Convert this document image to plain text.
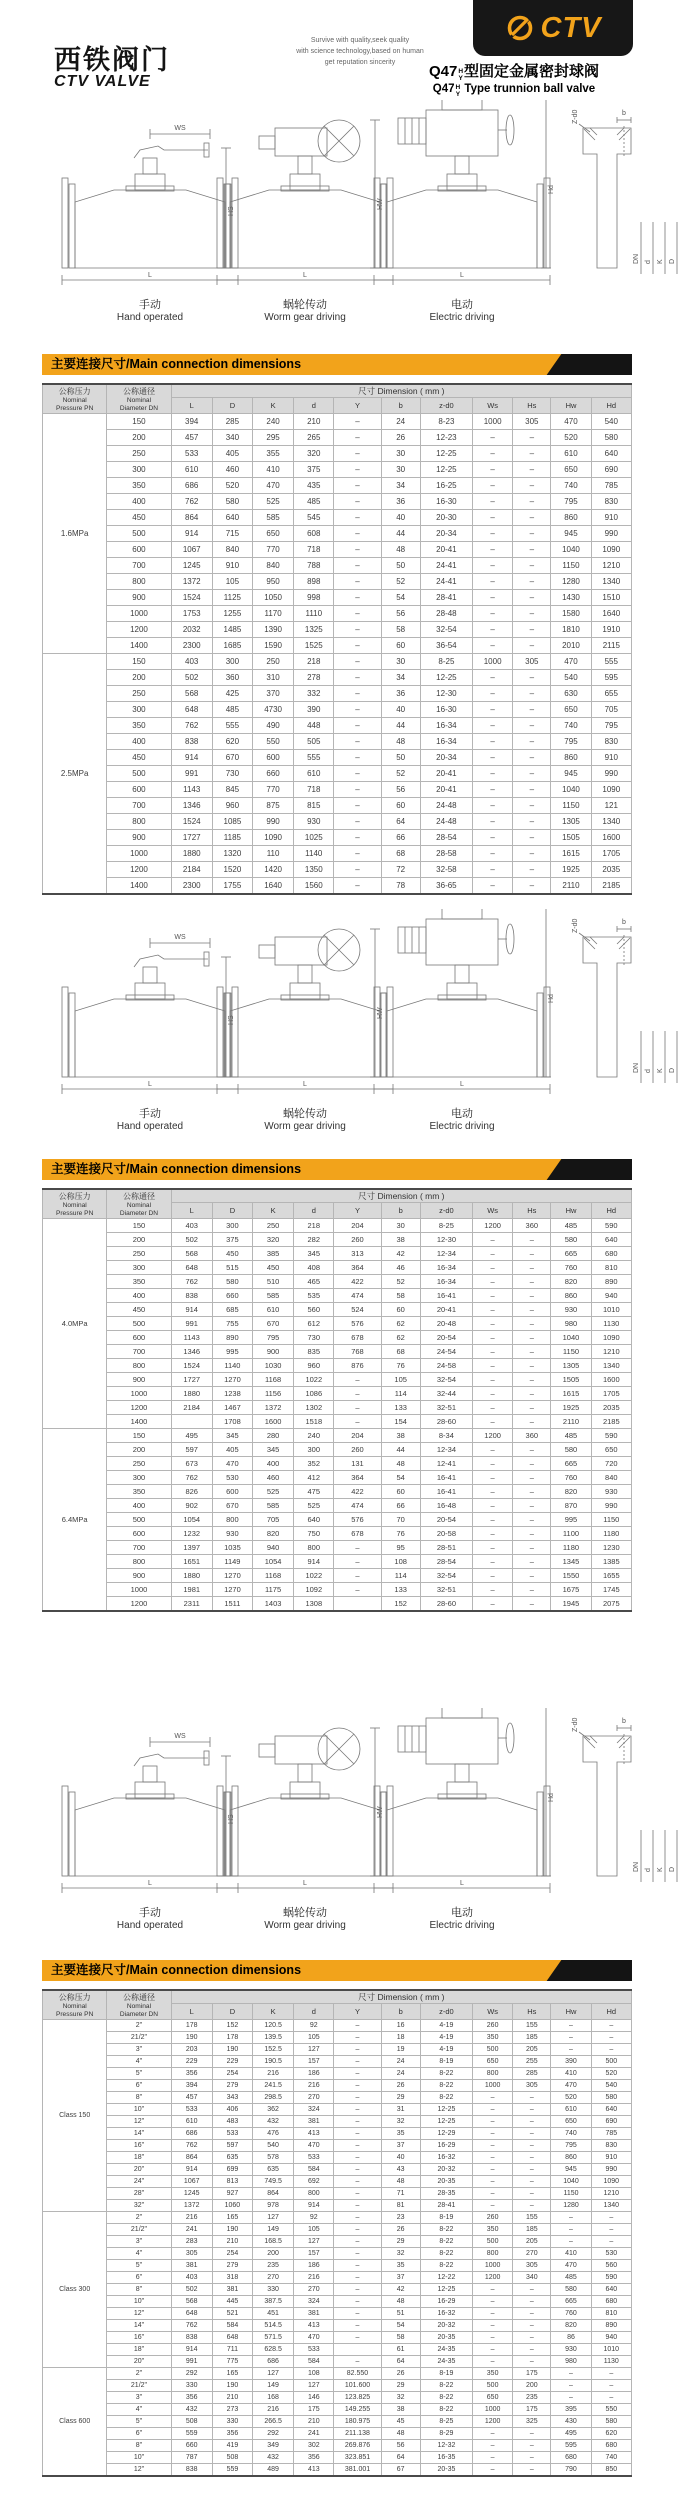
西铁阀门
CTV VALVE
Survive with quality,seek quality
with science technology,based on human
get reputation sincerity
CTV
Q47 H
Y 型固定金属密封球阀
Q47 H
Y Type trunnion ball valve
手动
Hand operated
蜗轮传动
Worm gear driving
电动
Electric driving
主要连接尺寸/Main connection dimensions
公称压力
Nominal
Pressure PN	公称通径
Nominal
Diameter DN	尺寸 Dimension ( mm )										
		L	D	K	d	Y	b	z-d0	Ws	Hs	Hw	Hd
1.6MPa	150	394	285	240	210	–	24	8-23	1000	305	470	540
	200	457	340	295	265	–	26	12-23	–	–	520	580
	250	533	405	355	320	–	30	12-25	–	–	610	640
	300	610	460	410	375	–	30	12-25	–	–	650	690
	350	686	520	470	435	–	34	16-25	–	–	740	785
	400	762	580	525	485	–	36	16-30	–	–	795	830
	450	864	640	585	545	–	40	20-30	–	–	860	910
	500	914	715	650	608	–	44	20-34	–	–	945	990
	600	1067	840	770	718	–	48	20-41	–	–	1040	1090
	700	1245	910	840	788	–	50	24-41	–	–	1150	1210
	800	1372	105	950	898	–	52	24-41	–	–	1280	1340
	900	1524	1125	1050	998	–	54	28-41	–	–	1430	1510
	1000	1753	1255	1170	1110	–	56	28-48	–	–	1580	1640
	1200	2032	1485	1390	1325	–	58	32-54	–	–	1810	1910
	1400	2300	1685	1590	1525	–	60	36-54	–	–	2010	2115
2.5MPa	150	403	300	250	218	–	30	8-25	1000	305	470	555
	200	502	360	310	278	–	34	12-25	–	–	540	595
	250	568	425	370	332	–	36	12-30	–	–	630	655
	300	648	485	4730	390	–	40	16-30	–	–	650	705
	350	762	555	490	448	–	44	16-34	–	–	740	795
	400	838	620	550	505	–	48	16-34	–	–	795	830
	450	914	670	600	555	–	50	20-34	–	–	860	910
	500	991	730	660	610	–	52	20-41	–	–	945	990
	600	1143	845	770	718	–	56	20-41	–	–	1040	1090
	700	1346	960	875	815	–	60	24-48	–	–	1150	121
	800	1524	1085	990	930	–	64	24-48	–	–	1305	1340
	900	1727	1185	1090	1025	–	66	28-54	–	–	1505	1600
	1000	1880	1320	110	1140	–	68	28-58	–	–	1615	1705
	1200	2184	1520	1420	1350	–	72	32-58	–	–	1925	2035
	1400	2300	1755	1640	1560	–	78	36-65	–	–	2110	2185
手动
Hand operated
蜗轮传动
Worm gear driving
电动
Electric driving
主要连接尺寸/Main connection dimensions
公称压力
Nominal
Pressure PN	公称通径
Nominal
Diameter DN	尺寸 Dimension ( mm )										
		L	D	K	d	Y	b	z-d0	Ws	Hs	Hw	Hd
4.0MPa	150	403	300	250	218	204	30	8-25	1200	360	485	590
	200	502	375	320	282	260	38	12-30	–	–	580	640
	250	568	450	385	345	313	42	12-34	–	–	665	680
	300	648	515	450	408	364	46	16-34	–	–	760	810
	350	762	580	510	465	422	52	16-34	–	–	820	890
	400	838	660	585	535	474	58	16-41	–	–	860	940
	450	914	685	610	560	524	60	20-41	–	–	930	1010
	500	991	755	670	612	576	62	20-48	–	–	980	1130
	600	1143	890	795	730	678	62	20-54	–	–	1040	1090
	700	1346	995	900	835	768	68	24-54	–	–	1150	1210
	800	1524	1140	1030	960	876	76	24-58	–	–	1305	1340
	900	1727	1270	1168	1022	–	105	32-54	–	–	1505	1600
	1000	1880	1238	1156	1086	–	114	32-44	–	–	1615	1705
	1200	2184	1467	1372	1302	–	133	32-51	–	–	1925	2035
	1400		1708	1600	1518	–	154	28-60	–	–	2110	2185
6.4MPa	150	495	345	280	240	204	38	8-34	1200	360	485	590
	200	597	405	345	300	260	44	12-34	–	–	580	650
	250	673	470	400	352	131	48	12-41	–	–	665	720
	300	762	530	460	412	364	54	16-41	–	–	760	840
	350	826	600	525	475	422	60	16-41	–	–	820	930
	400	902	670	585	525	474	66	16-48	–	–	870	990
	500	1054	800	705	640	576	70	20-54	–	–	995	1150
	600	1232	930	820	750	678	76	20-58	–	–	1100	1180
	700	1397	1035	940	800	–	95	28-51	–	–	1180	1230
	800	1651	1149	1054	914	–	108	28-54	–	–	1345	1385
	900	1880	1270	1168	1022	–	114	32-54	–	–	1550	1655
	1000	1981	1270	1175	1092	–	133	32-51	–	–	1675	1745
	1200	2311	1511	1403	1308		152	28-60	–	–	1945	2075
手动
Hand operated
蜗轮传动
Worm gear driving
电动
Electric driving
主要连接尺寸/Main connection dimensions
公称压力
Nominal
Pressure PN	公称通径
Nominal
Diameter DN	尺寸 Dimension ( mm )										
		L	D	K	d	Y	b	z-d0	Ws	Hs	Hw	Hd
Class 150	2"	178	152	120.5	92	–	16	4-19	260	155	–	–
	21/2"	190	178	139.5	105	–	18	4-19	350	185	–	–
	3"	203	190	152.5	127	–	19	4-19	500	205	–	–
	4"	229	229	190.5	157	–	24	8-19	650	255	390	500
	5"	356	254	216	186	–	24	8-22	800	285	410	520
	6"	394	279	241.5	216	–	26	8-22	1000	305	470	540
	8"	457	343	298.5	270	–	29	8-22	–	–	520	580
	10"	533	406	362	324	–	31	12-25	–	–	610	640
	12"	610	483	432	381	–	32	12-25	–	–	650	690
	14"	686	533	476	413	–	35	12-29	–	–	740	785
	16"	762	597	540	470	–	37	16-29	–	–	795	830
	18"	864	635	578	533	–	40	16-32	–	–	860	910
	20"	914	699	635	584	–	43	20-32	–	–	945	990
	24"	1067	813	749.5	692	–	48	20-35	–	–	1040	1090
	28"	1245	927	864	800	–	71	28-35	–	–	1150	1210
	32"	1372	1060	978	914	–	81	28-41	–	–	1280	1340
Class 300	2"	216	165	127	92	–	23	8-19	260	155	–	–
	21/2"	241	190	149	105	–	26	8-22	350	185	–	–
	3"	283	210	168.5	127	–	29	8-22	500	205	–	–
	4"	305	254	200	157	–	32	8-22	800	270	410	530
	5"	381	279	235	186	–	35	8-22	1000	305	470	560
	6"	403	318	270	216	–	37	12-22	1200	340	485	590
	8"	502	381	330	270	–	42	12-25	–	–	580	640
	10"	568	445	387.5	324	–	48	16-29	–	–	665	680
	12"	648	521	451	381	–	51	16-32	–	–	760	810
	14"	762	584	514.5	413	–	54	20-32	–	–	820	890
	16"	838	648	571.5	470	–	58	20-35	–	–	86	940
	18"	914	711	628.5	533		61	24-35	–	–	930	1010
	20"	991	775	686	584	–	64	24-35	–	–	980	1130
Class 600	2"	292	165	127	108	82.550	26	8-19	350	175	–	–
	21/2"	330	190	149	127	101.600	29	8-22	500	200	–	–
	3"	356	210	168	146	123.825	32	8-22	650	235	–	–
	4"	432	273	216	175	149.255	38	8-22	1000	175	395	550
	5"	508	330	266.5	210	180.975	45	8-25	1200	325	430	580
	6"	559	356	292	241	211.138	48	8-29	–	–	495	620
	8"	660	419	349	302	269.876	56	12-32	–	–	595	680
	10"	787	508	432	356	323.851	64	16-35	–	–	680	740
	12"	838	559	489	413	381.001	67	20-35	–	–	790	850
